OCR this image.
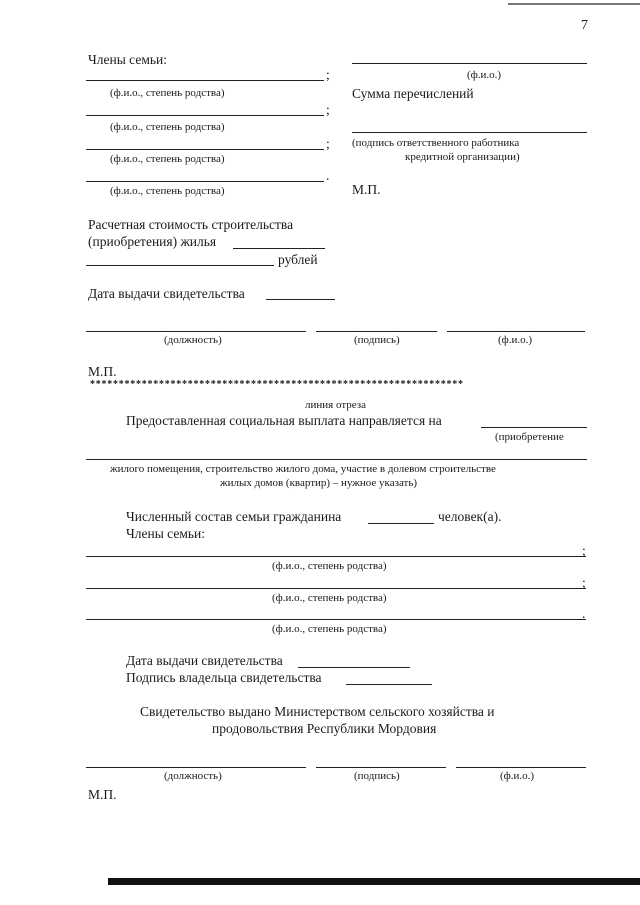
7
Члены семьи:
;
(ф.и.о., степень родства)
;
(ф.и.о., степень родства)
;
(ф.и.о., степень родства)
.
(ф.и.о., степень родства)
Расчетная стоимость строительства
(приобретения) жилья
рублей
Дата выдачи свидетельства
(ф.и.о.)
Сумма перечислений
(подпись ответственного работника
кредитной организации)
М.П.
(должность)	(подпись)	(ф.и.о.)
М.П.
*****************************************************************
линия отреза
Предоставленная социальная выплата направляется на
(приобретение
жилого помещения, строительство жилого дома, участие в долевом строительстве
жилых домов (квартир) – нужное указать)
Численный состав семьи гражданина	человек(а).
Члены семьи:
;
(ф.и.о., степень родства)
;
(ф.и.о., степень родства)
.
(ф.и.о., степень родства)
Дата выдачи свидетельства
Подпись владельца свидетельства
Свидетельство выдано Министерством сельского хозяйства и
продовольствия Республики Мордовия
(должность)	(подпись)	(ф.и.о.)
М.П.
